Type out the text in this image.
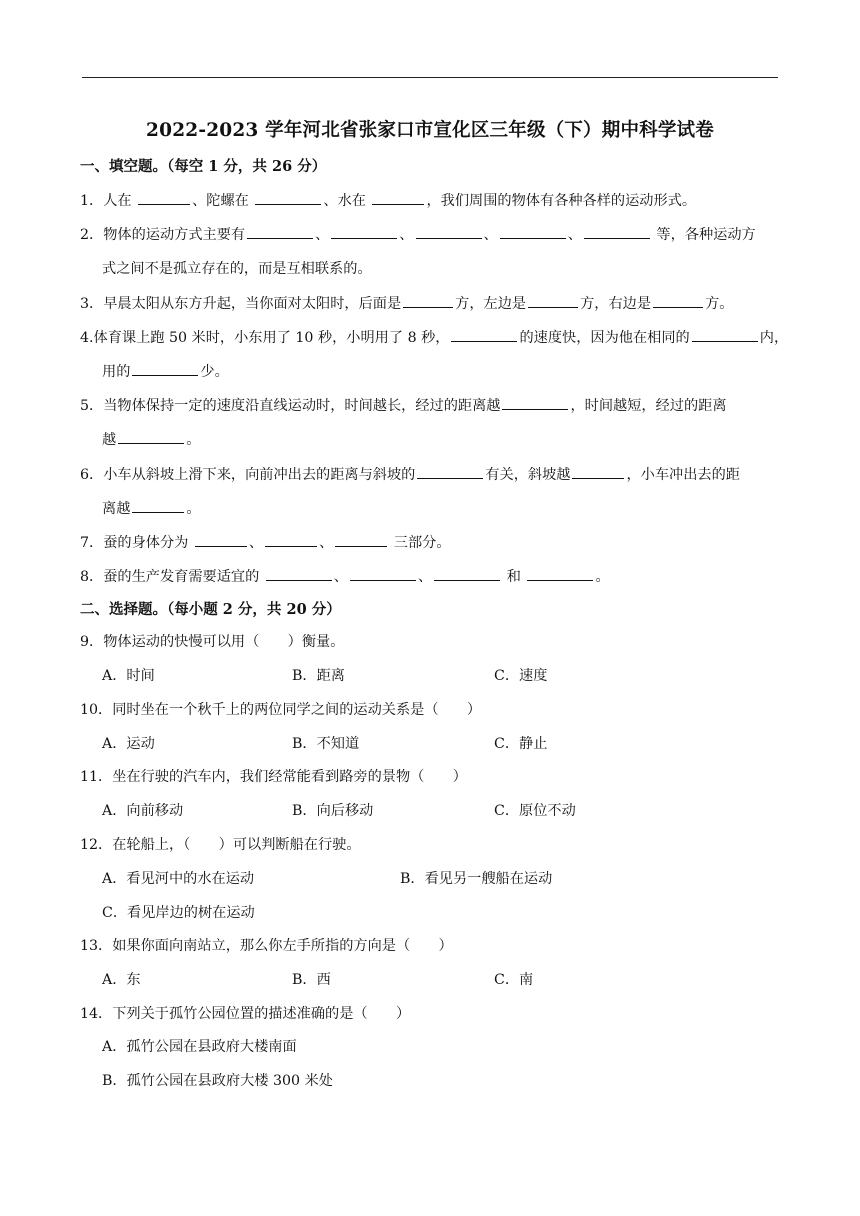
2022-2023 学年河北省张家口市宣化区三年级（下）期中科学试卷
一、填空题。（每空 1 分，共 26 分）
1．人在	、陀螺在	、水在	，我们周围的物体有各种各样的运动形式。
2．物体的运动方式主要有	、	、	、	、	等，各种运动方
式之间不是孤立存在的，而是互相联系的。
3．早晨太阳从东方升起，当你面对太阳时，后面是	方，左边是	方，右边是	方。
4.体育课上跑 50 米时，小东用了 10 秒，小明用了 8 秒，	的速度快，因为他在相同的	内，
用的	少。
5．当物体保持一定的速度沿直线运动时，时间越长，经过的距离越	，时间越短，经过的距离
越	。
6．小车从斜坡上滑下来，向前冲出去的距离与斜坡的	有关，斜坡越	，小车冲出去的距
离越	。
7．蚕的身体分为	、	、	三部分。
8．蚕的生产发育需要适宜的	、	、	和	。
二、选择题。（每小题 2 分，共 20 分）
9．物体运动的快慢可以用（　　）衡量。
A．时间	B．距离	C．速度
10．同时坐在一个秋千上的两位同学之间的运动关系是（　　）
A．运动	B．不知道	C．静止
11．坐在行驶的汽车内，我们经常能看到路旁的景物（　　）
A．向前移动	B．向后移动	C．原位不动
12．在轮船上，（　　）可以判断船在行驶。
A．看见河中的水在运动	B．看见另一艘船在运动
C．看见岸边的树在运动
13．如果你面向南站立，那么你左手所指的方向是（　　）
A．东	B．西	C．南
14．下列关于孤竹公园位置的描述准确的是（　　）
A．孤竹公园在县政府大楼南面
B．孤竹公园在县政府大楼 300 米处
